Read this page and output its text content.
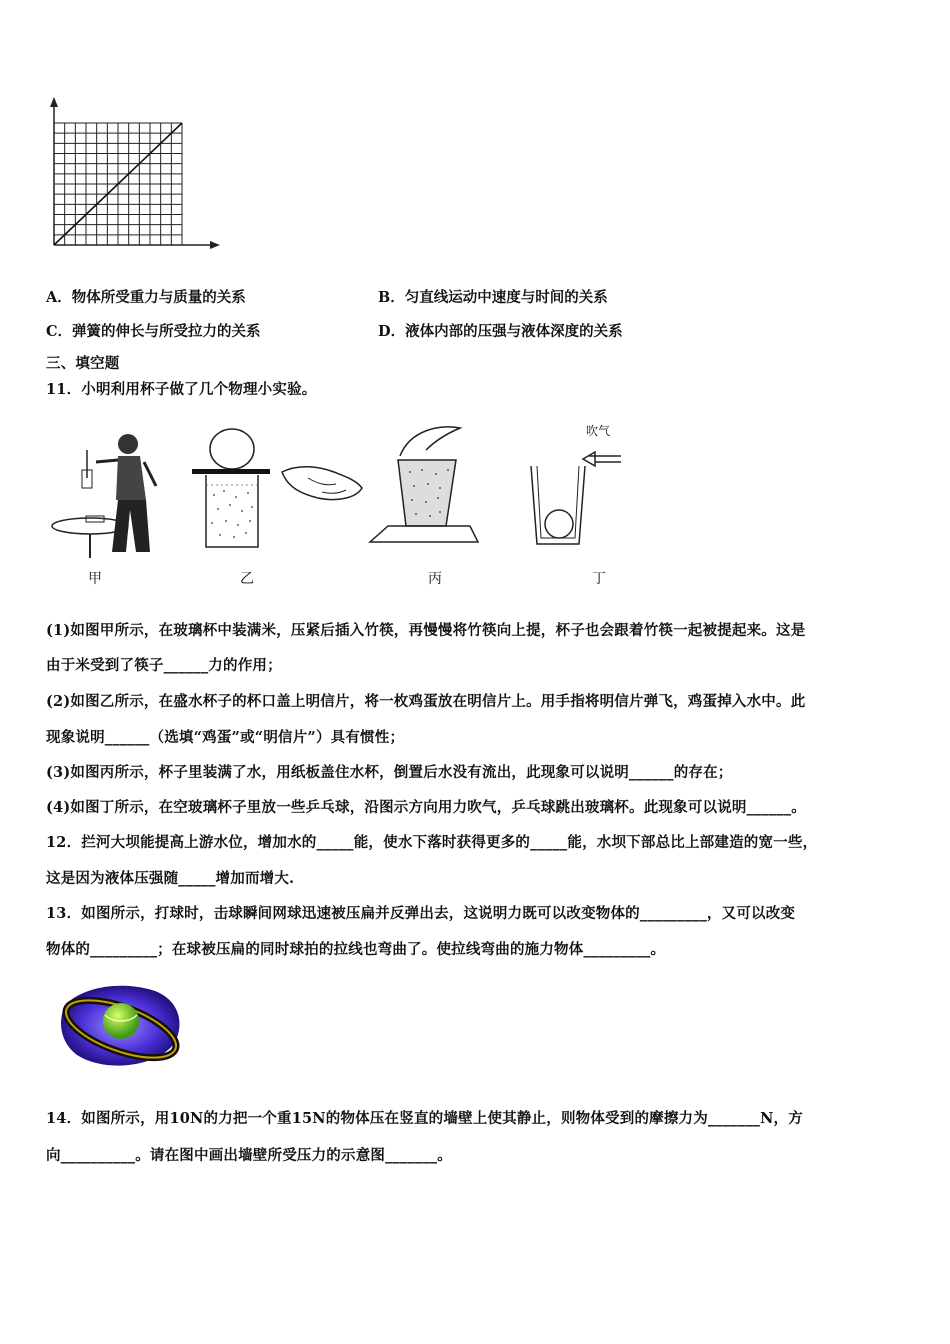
A．物体所受重力与质量的关系	B．匀直线运动中速度与时间的关系
C．弹簧的伸长与所受拉力的关系	D．液体内部的压强与液体深度的关系
三、填空题
11．小明利用杯子做了几个物理小实验。
甲	乙	丙
吹气
丁
(1)如图甲所示，在玻璃杯中装满米，压紧后插入竹筷，再慢慢将竹筷向上提，杯子也会跟着竹筷一起被提起来。这是
由于米受到了筷子______力的作用；
(2)如图乙所示，在盛水杯子的杯口盖上明信片，将一枚鸡蛋放在明信片上。用手指将明信片弹飞，鸡蛋掉入水中。此
现象说明______（选填“鸡蛋”或“明信片”）具有惯性；
(3)如图丙所示，杯子里装满了水，用纸板盖住水杯，倒置后水没有流出，此现象可以说明______的存在；
(4)如图丁所示，在空玻璃杯子里放一些乒乓球，沿图示方向用力吹气，乒乓球跳出玻璃杯。此现象可以说明______。
12．拦河大坝能提高上游水位，增加水的_____能，使水下落时获得更多的_____能，水坝下部总比上部建造的宽一些，
这是因为液体压强随_____增加而增大.
13．如图所示，打球时，击球瞬间网球迅速被压扁并反弹出去，这说明力既可以改变物体的_________，又可以改变
物体的_________；在球被压扁的同时球拍的拉线也弯曲了。使拉线弯曲的施力物体_________。
14．如图所示，用10N的力把一个重15N的物体压在竖直的墙壁上使其静止，则物体受到的摩擦力为_______N，方
向__________。请在图中画出墙壁所受压力的示意图_______。
